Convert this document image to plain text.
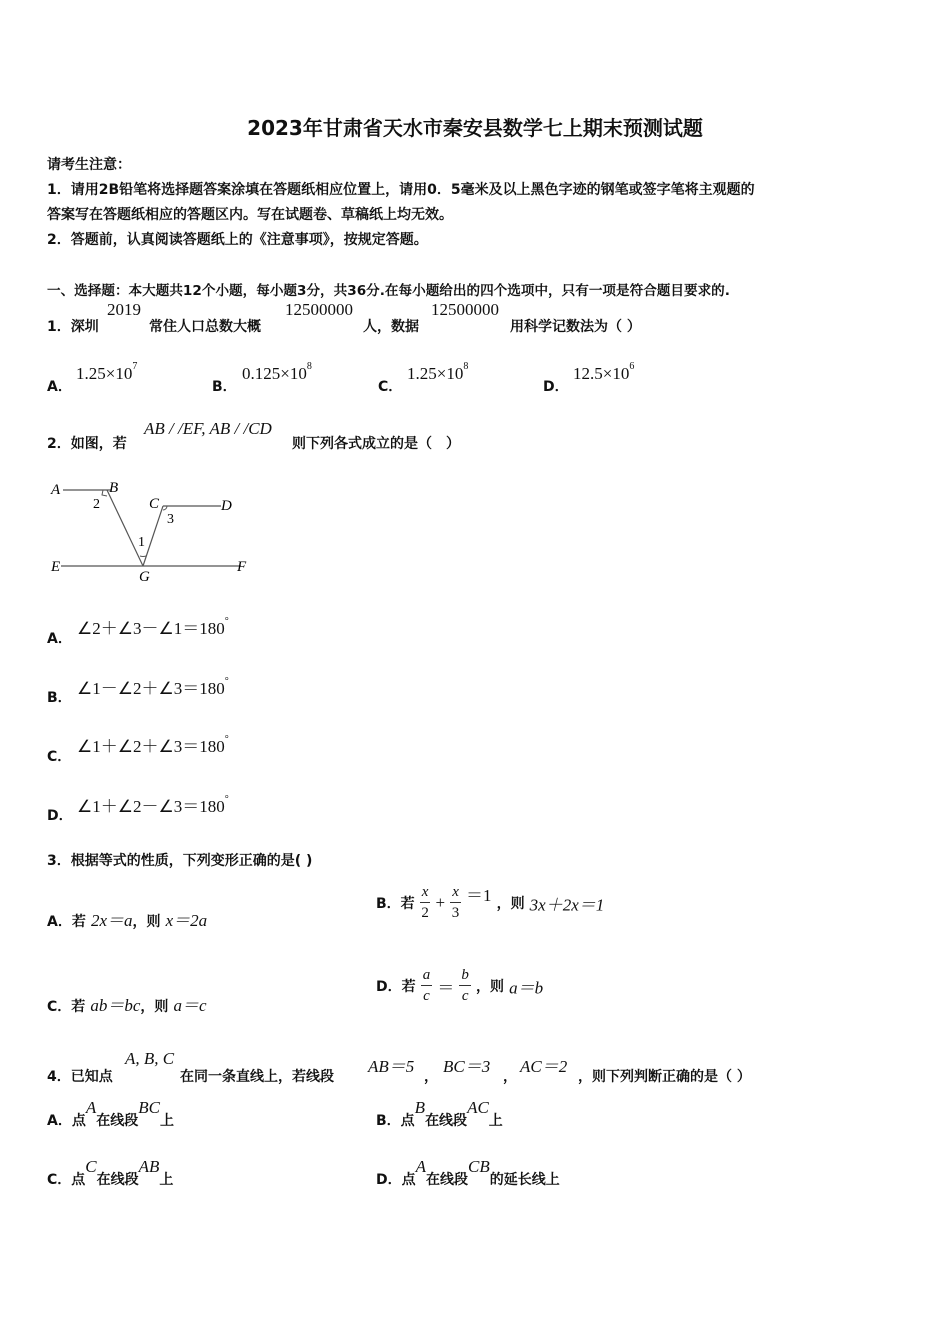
2023年甘肃省天水市秦安县数学七上期末预测试题
请考生注意：
1．请用2B铅笔将选择题答案涂填在答题纸相应位置上，请用0．5毫米及以上黑色字迹的钢笔或签字笔将主观题的
答案写在答题纸相应的答题区内。写在试题卷、草稿纸上均无效。
2．答题前，认真阅读答题纸上的《注意事项》，按规定答题。
一、选择题：本大题共12个小题，每小题3分，共36分.在每小题给出的四个选项中，只有一项是符合题目要求的.
1．深圳
2019
常住人口总数大概
12500000
人，数据
12500000
用科学记数法为（ ）
A．
$1.25\times 10^7$
B．
$0.125\times 10^8$
C．
$1.25\times 10^8$
D．
$12.5\times 10^6$
2．如图，若
AB / /EF, AB / /CD
则下列各式成立的是（　）
A	B
2	C
3
D
1
E
G
F
A．
∠2＋∠3－∠1＝180°
B． ∠1－∠2＋∠3＝180°
C．
∠1＋∠2＋∠3＝180°
D． ∠1＋∠2－∠3＝180°
3．根据等式的性质，下列变形正确的是( )
A．若 2x＝a，则 x＝2a
B．若 $\frac{x}{2} + \frac{x}{3} =1$ ，则 3x＋2x＝1
C．若 ab＝bc，则 a＝c
D．若 $\frac{a}{c} = \frac{b}{c}$ ，则 a＝b
4．已知点
A, B, C
在同一条直线上，若线段
AB＝5
，
BC＝3
，
AC＝2
，则下列判断正确的是（ ）
A．点A在线段BC上	B．点B在线段AC上
C．点C在线段AB上	D．点A在线段CB的延长线上
